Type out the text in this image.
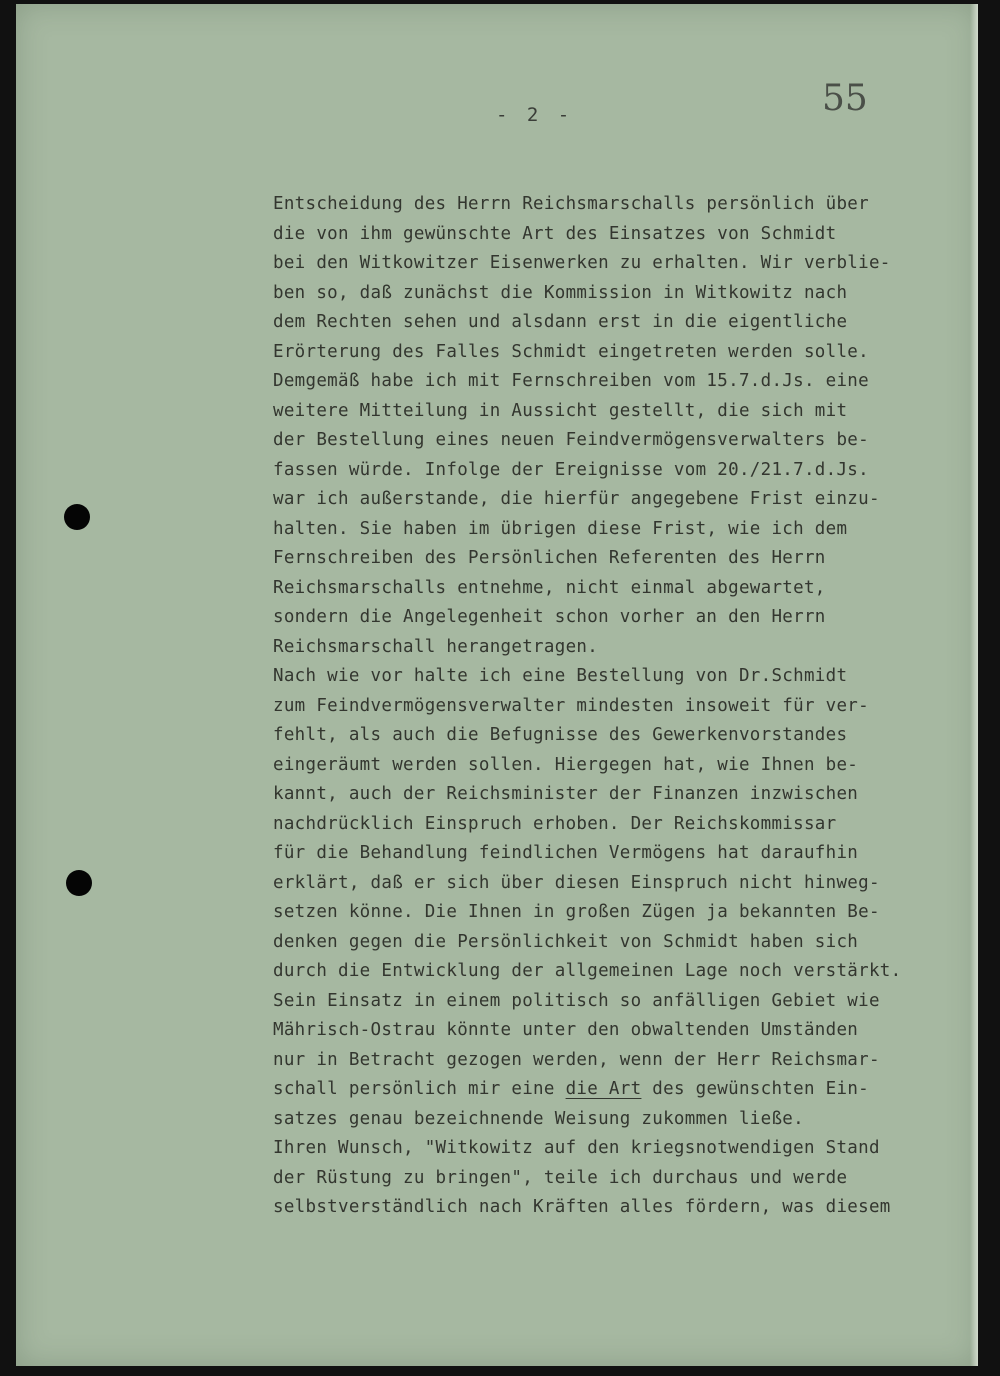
- 2 -	55
Entscheidung des Herrn Reichsmarschalls persönlich über
die von ihm gewünschte Art des Einsatzes von Schmidt
bei den Witkowitzer Eisenwerken zu erhalten. Wir verblie-
ben so, daß zunächst die Kommission in Witkowitz nach
dem Rechten sehen und alsdann erst in die eigentliche
Erörterung des Falles Schmidt eingetreten werden solle.
Demgemäß habe ich mit Fernschreiben vom 15.7.d.Js. eine
weitere Mitteilung in Aussicht gestellt, die sich mit
der Bestellung eines neuen Feindvermögensverwalters be-
fassen würde. Infolge der Ereignisse vom 20./21.7.d.Js.
war ich außerstande, die hierfür angegebene Frist einzu-
halten. Sie haben im übrigen diese Frist, wie ich dem
Fernschreiben des Persönlichen Referenten des Herrn
Reichsmarschalls entnehme, nicht einmal abgewartet,
sondern die Angelegenheit schon vorher an den Herrn
Reichsmarschall herangetragen.
Nach wie vor halte ich eine Bestellung von Dr.Schmidt
zum Feindvermögensverwalter mindesten insoweit für ver-
fehlt, als auch die Befugnisse des Gewerkenvorstandes
eingeräumt werden sollen. Hiergegen hat, wie Ihnen be-
kannt, auch der Reichsminister der Finanzen inzwischen
nachdrücklich Einspruch erhoben. Der Reichskommissar
für die Behandlung feindlichen Vermögens hat daraufhin
erklärt, daß er sich über diesen Einspruch nicht hinweg-
setzen könne. Die Ihnen in großen Zügen ja bekannten Be-
denken gegen die Persönlichkeit von Schmidt haben sich
durch die Entwicklung der allgemeinen Lage noch verstärkt.
Sein Einsatz in einem politisch so anfälligen Gebiet wie
Mährisch-Ostrau könnte unter den obwaltenden Umständen
nur in Betracht gezogen werden, wenn der Herr Reichsmar-
schall persönlich mir eine die Art des gewünschten Ein-
satzes genau bezeichnende Weisung zukommen ließe.
Ihren Wunsch, "Witkowitz auf den kriegsnotwendigen Stand
der Rüstung zu bringen", teile ich durchaus und werde
selbstverständlich nach Kräften alles fördern, was diesem
